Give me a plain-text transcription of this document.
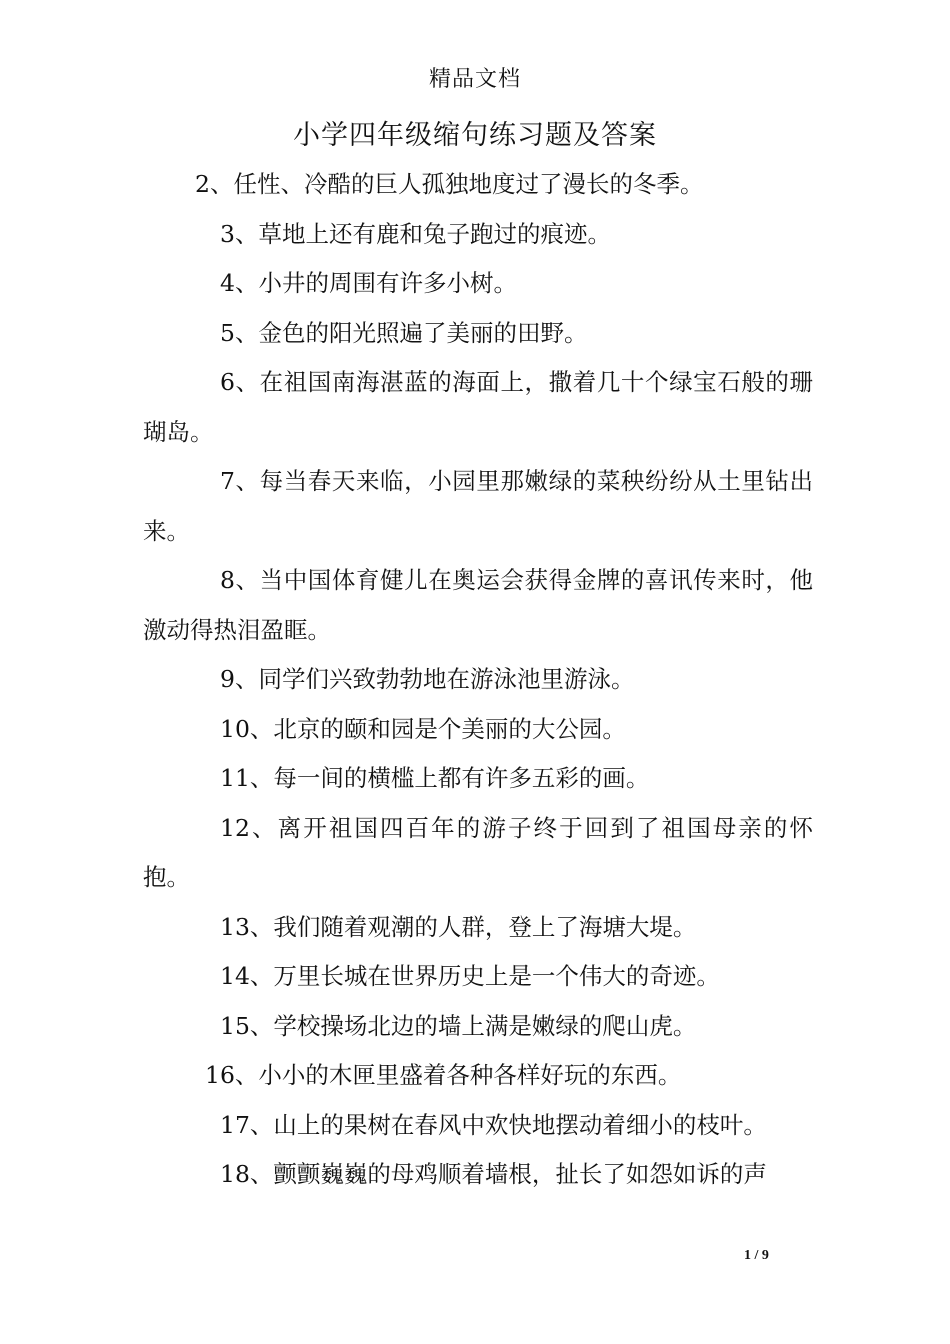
精品文档
小学四年级缩句练习题及答案

2、任性、冷酷的巨人孤独地度过了漫长的冬季。

3、草地上还有鹿和兔子跑过的痕迹。

4、小井的周围有许多小树。

5、金色的阳光照遍了美丽的田野。

6、在祖国南海湛蓝的海面上，撒着几十个绿宝石般的珊瑚岛。

7、每当春天来临，小园里那嫩绿的菜秧纷纷从土里钻出来。

8、当中国体育健儿在奥运会获得金牌的喜讯传来时，他激动得热泪盈眶。

9、同学们兴致勃勃地在游泳池里游泳。

10、北京的颐和园是个美丽的大公园。

11、每一间的横槛上都有许多五彩的画。

12、离开祖国四百年的游子终于回到了祖国母亲的怀抱。

13、我们随着观潮的人群，登上了海塘大堤。

14、万里长城在世界历史上是一个伟大的奇迹。

15、学校操场北边的墙上满是嫩绿的爬山虎。

16、小小的木匣里盛着各种各样好玩的东西。

17、山上的果树在春风中欢快地摆动着细小的枝叶。

18、颤颤巍巍的母鸡顺着墙根，扯长了如怨如诉的声

1 / 9
